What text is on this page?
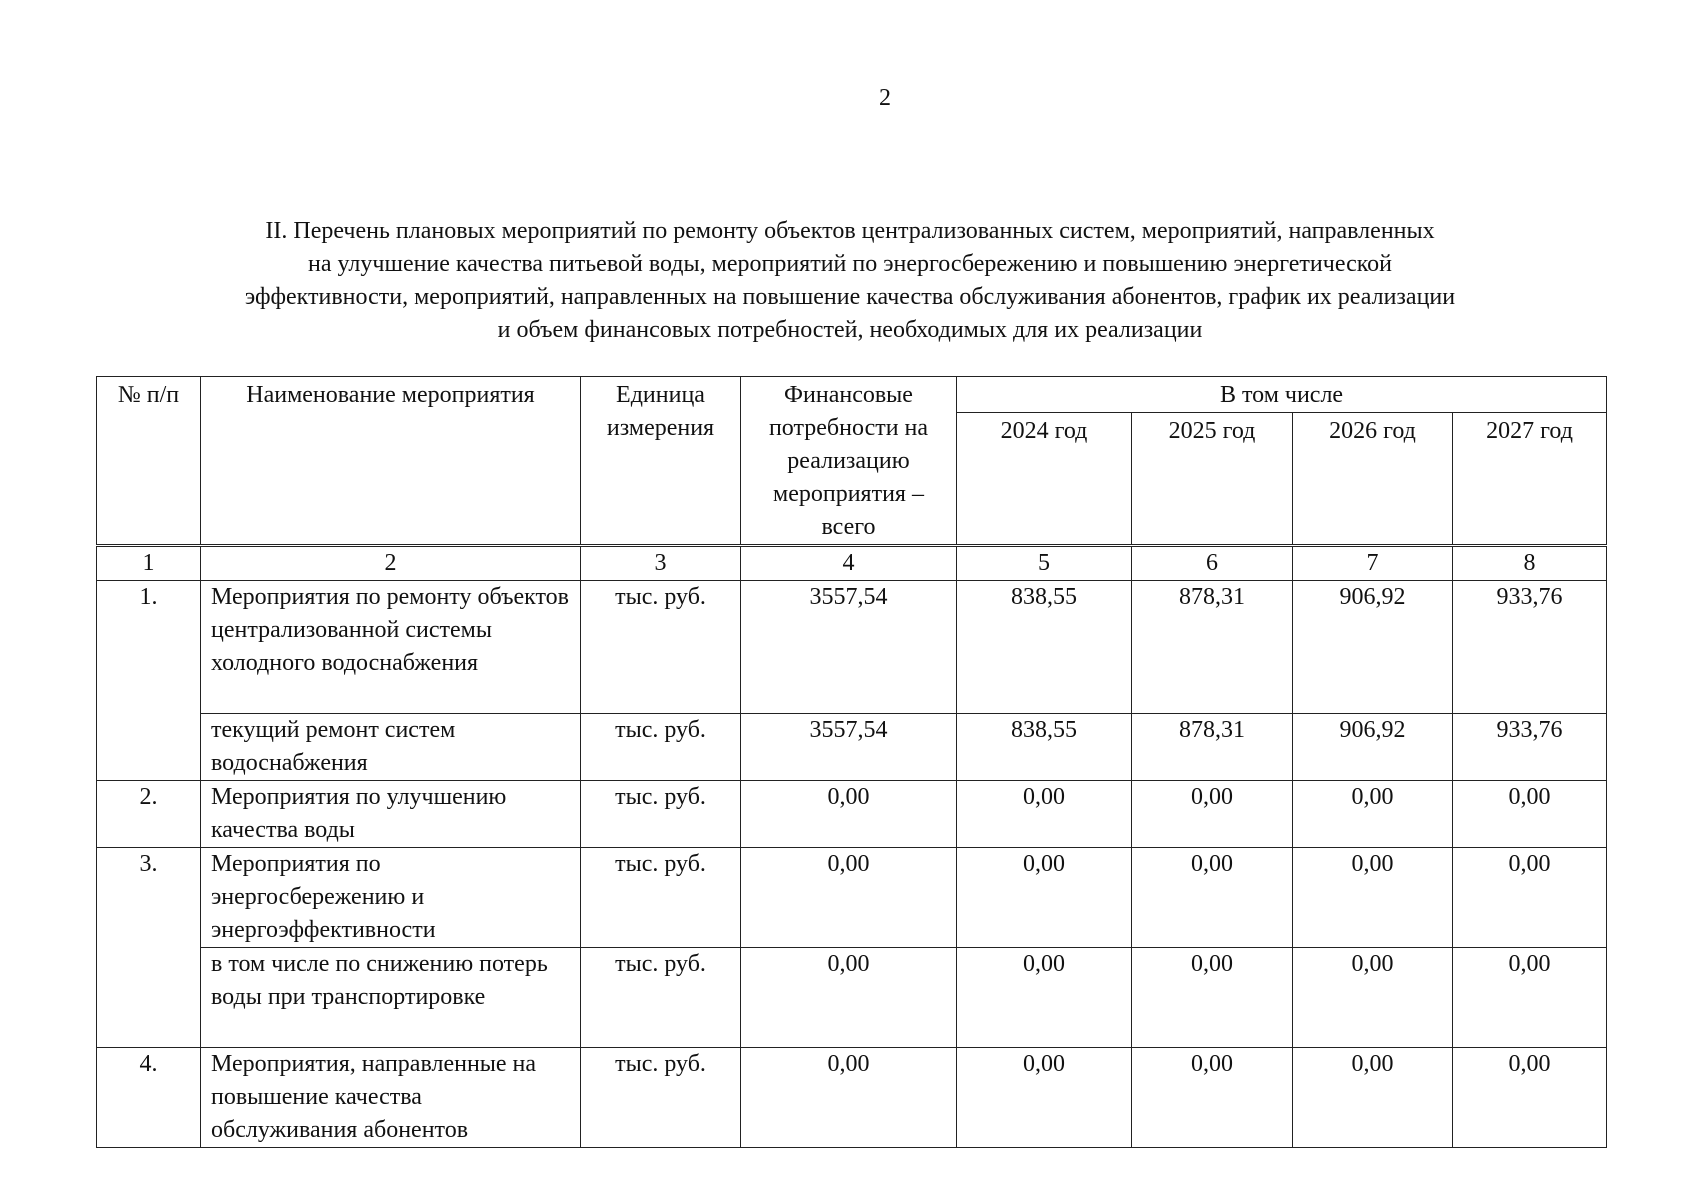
2
II. Перечень плановых мероприятий по ремонту объектов централизованных систем, мероприятий, направленных
на улучшение качества питьевой воды, мероприятий по энергосбережению и повышению энергетической
эффективности, мероприятий, направленных на повышение качества обслуживания абонентов, график их реализации
и объем финансовых потребностей, необходимых для их реализации
№ п/п	Наименование мероприятия	Единица измерения	Финансовые потребности на реализацию мероприятия – всего	В том числе			
				2024 год	2025 год	2026 год	2027 год
1	2	3	4	5	6	7	8
1.	Мероприятия по ремонту объектов централизованной системы холодного водоснабжения	тыс. руб.	3557,54	838,55	878,31	906,92	933,76
	текущий ремонт систем водоснабжения	тыс. руб.	3557,54	838,55	878,31	906,92	933,76
2.	Мероприятия по улучшению качества воды	тыс. руб.	0,00	0,00	0,00	0,00	0,00
3.	Мероприятия по энергосбережению и энергоэффективности	тыс. руб.	0,00	0,00	0,00	0,00	0,00
	в том числе по снижению потерь воды при транспортировке	тыс. руб.	0,00	0,00	0,00	0,00	0,00
4.	Мероприятия, направленные на повышение качества обслуживания абонентов	тыс. руб.	0,00	0,00	0,00	0,00	0,00
